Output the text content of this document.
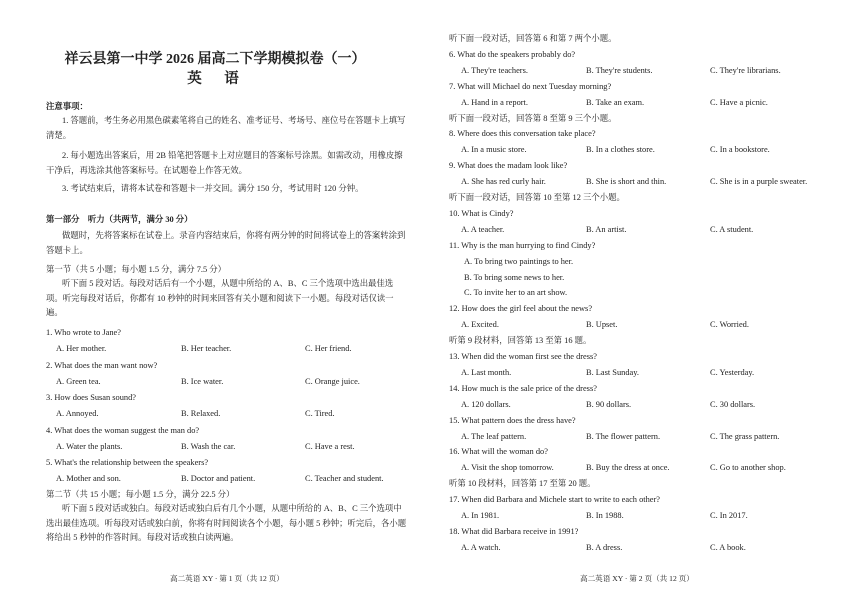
祥云县第一中学 2026 届高二下学期模拟卷（一）
英　语
注意事项：
1. 答题前，考生务必用黑色碳素笔将自己的姓名、准考证号、考场号、座位号在答题卡上填写清楚。
2. 每小题选出答案后，用 2B 铅笔把答题卡上对应题目的答案标号涂黑。如需改动，用橡皮擦干净后，再选涂其他答案标号。在试题卷上作答无效。
3. 考试结束后，请将本试卷和答题卡一并交回。满分 150 分，考试用时 120 分钟。
第一部分　听力（共两节，满分 30 分）
做题时，先将答案标在试卷上。录音内容结束后，你将有两分钟的时间将试卷上的答案转涂到答题卡上。
第一节（共 5 小题；每小题 1.5 分，满分 7.5 分）
听下面 5 段对话。每段对话后有一个小题，从题中所给的 A、B、C 三个选项中选出最佳选项。听完每段对话后，你都有 10 秒钟的时间来回答有关小题和阅读下一小题。每段对话仅读一遍。
1. Who wrote to Jane?
A. Her mother.	B. Her teacher.	C. Her friend.
2. What does the man want now?
A. Green tea.	B. Ice water.	C. Orange juice.
3. How does Susan sound?
A. Annoyed.	B. Relaxed.	C. Tired.
4. What does the woman suggest the man do?
A. Water the plants.	B. Wash the car.	C. Have a rest.
5. What's the relationship between the speakers?
A. Mother and son.	B. Doctor and patient.	C. Teacher and student.
第二节（共 15 小题；每小题 1.5 分，满分 22.5 分）
听下面 5 段对话或独白。每段对话或独白后有几个小题，从题中所给的 A、B、C 三个选项中选出最佳选项。听每段对话或独白前，你将有时间阅读各个小题，每小题 5 秒钟；听完后，各小题将给出 5 秒钟的作答时间。每段对话或独白读两遍。
高二英语 XY · 第 1 页（共 12 页）
听下面一段对话，回答第 6 和第 7 两个小题。
6. What do the speakers probably do?
A. They're teachers.	B. They're students.	C. They're librarians.
7. What will Michael do next Tuesday morning?
A. Hand in a report.	B. Take an exam.	C. Have a picnic.
听下面一段对话，回答第 8 至第 9 三个小题。
8. Where does this conversation take place?
A. In a music store.	B. In a clothes store.	C. In a bookstore.
9. What does the madam look like?
A. She has red curly hair.	B. She is short and thin.	C. She is in a purple sweater.
听下面一段对话，回答第 10 至第 12 三个小题。
10. What is Cindy?
A. A teacher.	B. An artist.	C. A student.
11. Why is the man hurrying to find Cindy?
A. To bring two paintings to her.
B. To bring some news to her.
C. To invite her to an art show.
12. How does the girl feel about the news?
A. Excited.	B. Upset.	C. Worried.
听第 9 段材料，回答第 13 至第 16 题。
13. When did the woman first see the dress?
A. Last month.	B. Last Sunday.	C. Yesterday.
14. How much is the sale price of the dress?
A. 120 dollars.	B. 90 dollars.	C. 30 dollars.
15. What pattern does the dress have?
A. The leaf pattern.	B. The flower pattern.	C. The grass pattern.
16. What will the woman do?
A. Visit the shop tomorrow.	B. Buy the dress at once.	C. Go to another shop.
听第 10 段材料，回答第 17 至第 20 题。
17. When did Barbara and Michele start to write to each other?
A. In 1981.	B. In 1988.	C. In 2017.
18. What did Barbara receive in 1991?
A. A watch.	B. A dress.	C. A book.
高二英语 XY · 第 2 页（共 12 页）
